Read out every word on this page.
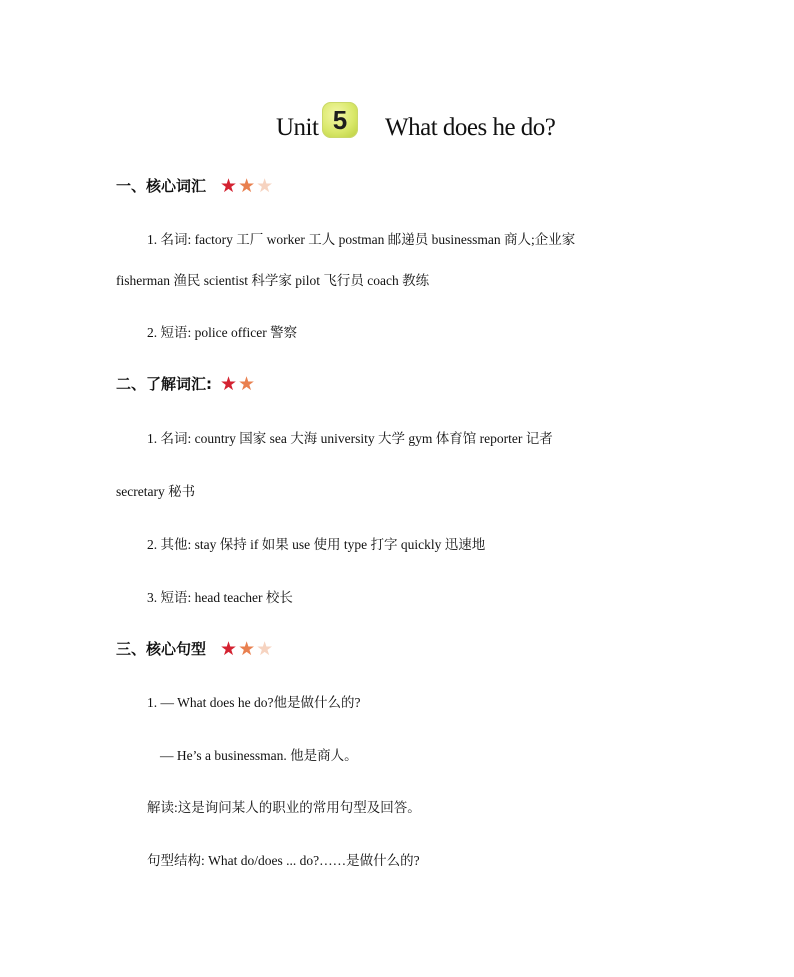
Unit 5	What does he do?
一、核心词汇 ★ ★ ★
1. 名词: factory 工厂 worker 工人 postman 邮递员 businessman 商人;企业家
fisherman 渔民 scientist 科学家 pilot 飞行员 coach 教练
2. 短语: police officer 警察
二、了解词汇: ★ ★
1. 名词: country 国家 sea 大海 university 大学 gym 体育馆 reporter 记者
secretary 秘书
2. 其他: stay 保持 if 如果 use 使用 type 打字 quickly 迅速地
3. 短语: head teacher 校长
三、核心句型 ★ ★ ★
1. — What does he do?他是做什么的?
— He’s a businessman. 他是商人。
解读:这是询问某人的职业的常用句型及回答。
句型结构: What do/does ... do?……是做什么的?
